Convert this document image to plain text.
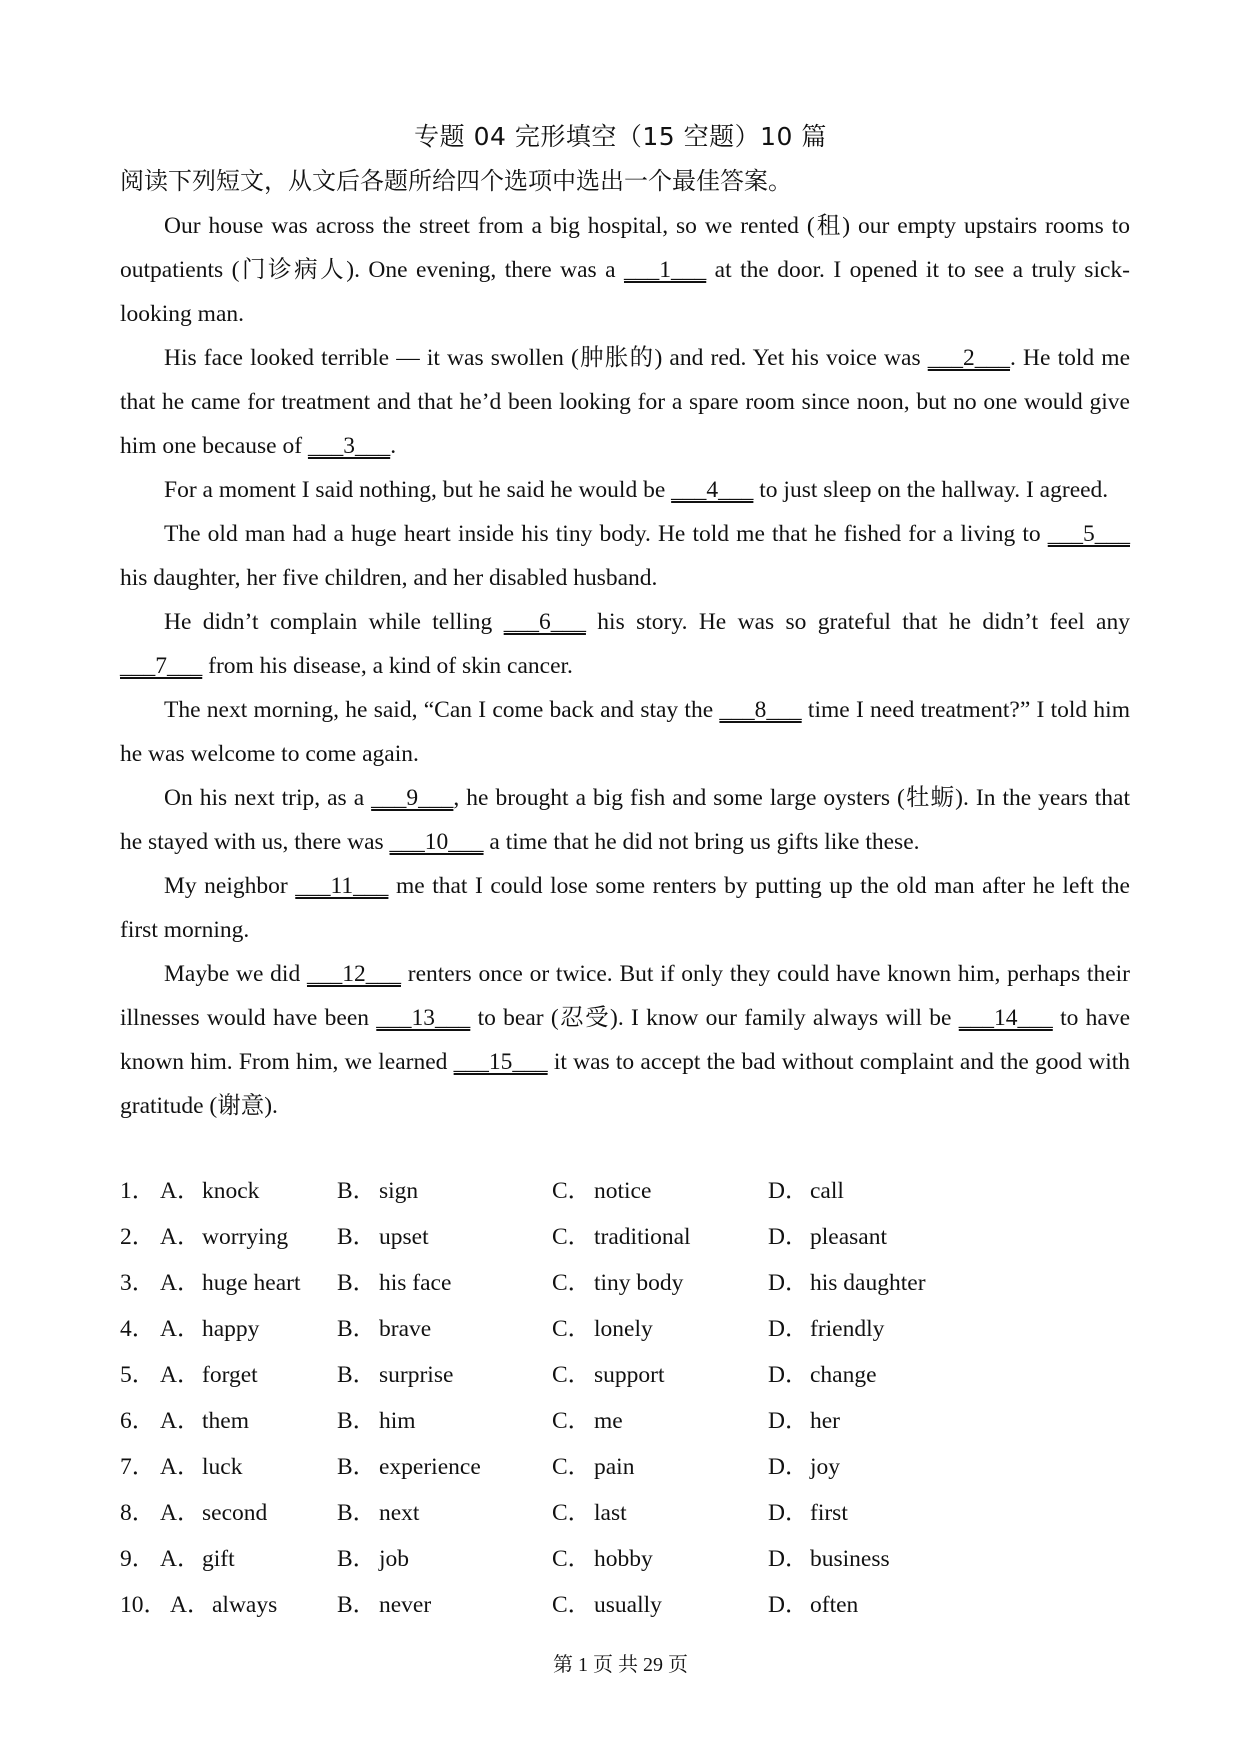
专题 04 完形填空（15 空题）10 篇
阅读下列短文，从文后各题所给四个选项中选出一个最佳答案。

Our house was across the street from a big hospital, so we rented (租) our empty upstairs rooms to outpatients (门诊病人). One evening, there was a ___1___ at the door. I opened it to see a truly sick-looking man.

His face looked terrible — it was swollen (肿胀的) and red. Yet his voice was ___2___. He told me that he came for treatment and that he’d been looking for a spare room since noon, but no one would give him one because of ___3___.

For a moment I said nothing, but he said he would be ___4___ to just sleep on the hallway. I agreed.

The old man had a huge heart inside his tiny body. He told me that he fished for a living to ___5___ his daughter, her five children, and her disabled husband.

He didn’t complain while telling ___6___ his story. He was so grateful that he didn’t feel any ___7___ from his disease, a kind of skin cancer.

The next morning, he said, “Can I come back and stay the ___8___ time I need treatment?” I told him he was welcome to come again.

On his next trip, as a ___9___, he brought a big fish and some large oysters (牡蛎). In the years that he stayed with us, there was ___10___ a time that he did not bring us gifts like these.

My neighbor ___11___ me that I could lose some renters by putting up the old man after he left the first morning.

Maybe we did ___12___ renters once or twice. But if only they could have known him, perhaps their illnesses would have been ___13___ to bear (忍受). I know our family always will be ___14___ to have known him. From him, we learned ___15___ it was to accept the bad without complaint and the good with gratitude (谢意).

1． A．knock	B． sign	C． notice	D．call
2． A．worrying B． upset	C． traditional	D．pleasant
3． A．huge heart B． his face	C． tiny body	D．his daughter
4． A．happy	B． brave	C． lonely	D．friendly
5． A．forget	B． surprise	C． support	D．change
6． A．them	B． him	C． me	D．her
7． A．luck	B． experience	C． pain	D．joy
8． A．second	B． next	C． last	D．first
9． A．gift	B． job	C． hobby	D．business
10． A．always	B． never	C． usually	D．often
第 1 页 共 29 页
